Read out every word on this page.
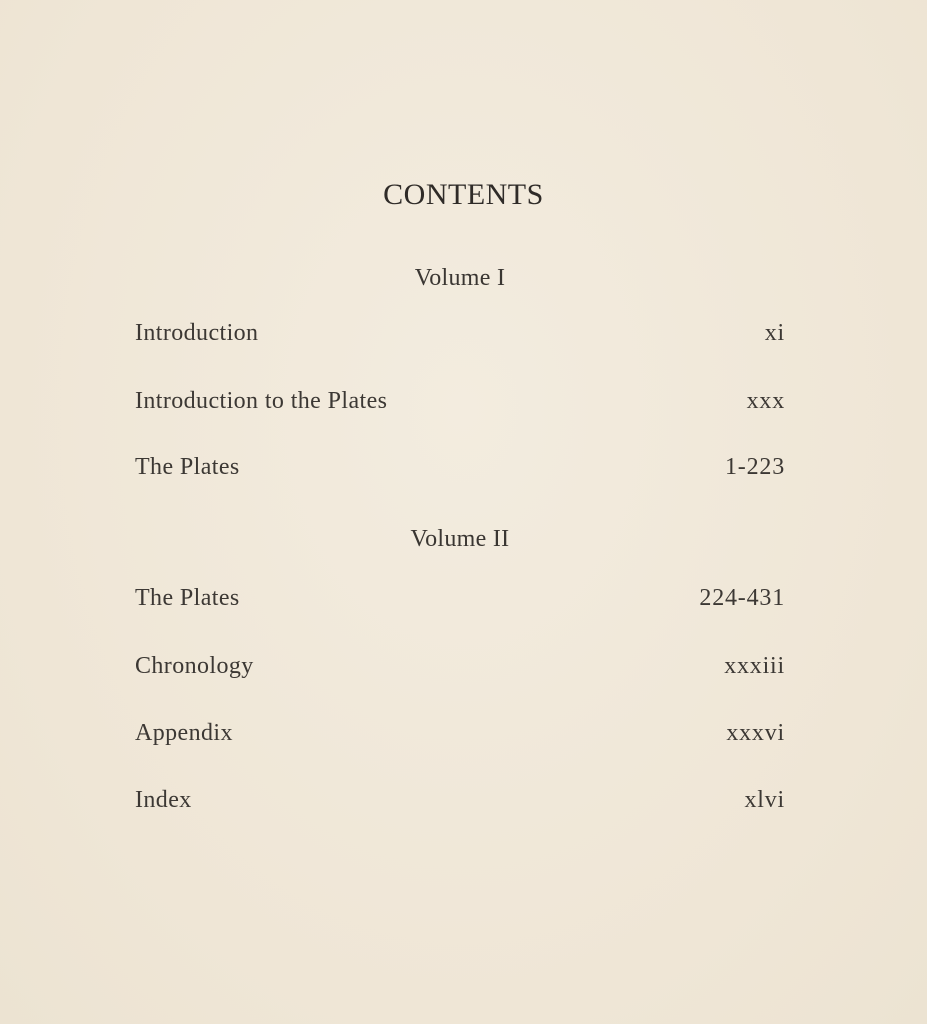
CONTENTS
Volume I
Introduction	xi
Introduction to the Plates	xxx
The Plates	1-223
Volume II
The Plates	224-431
Chronology	xxxiii
Appendix	xxxvi
Index	xlvi
